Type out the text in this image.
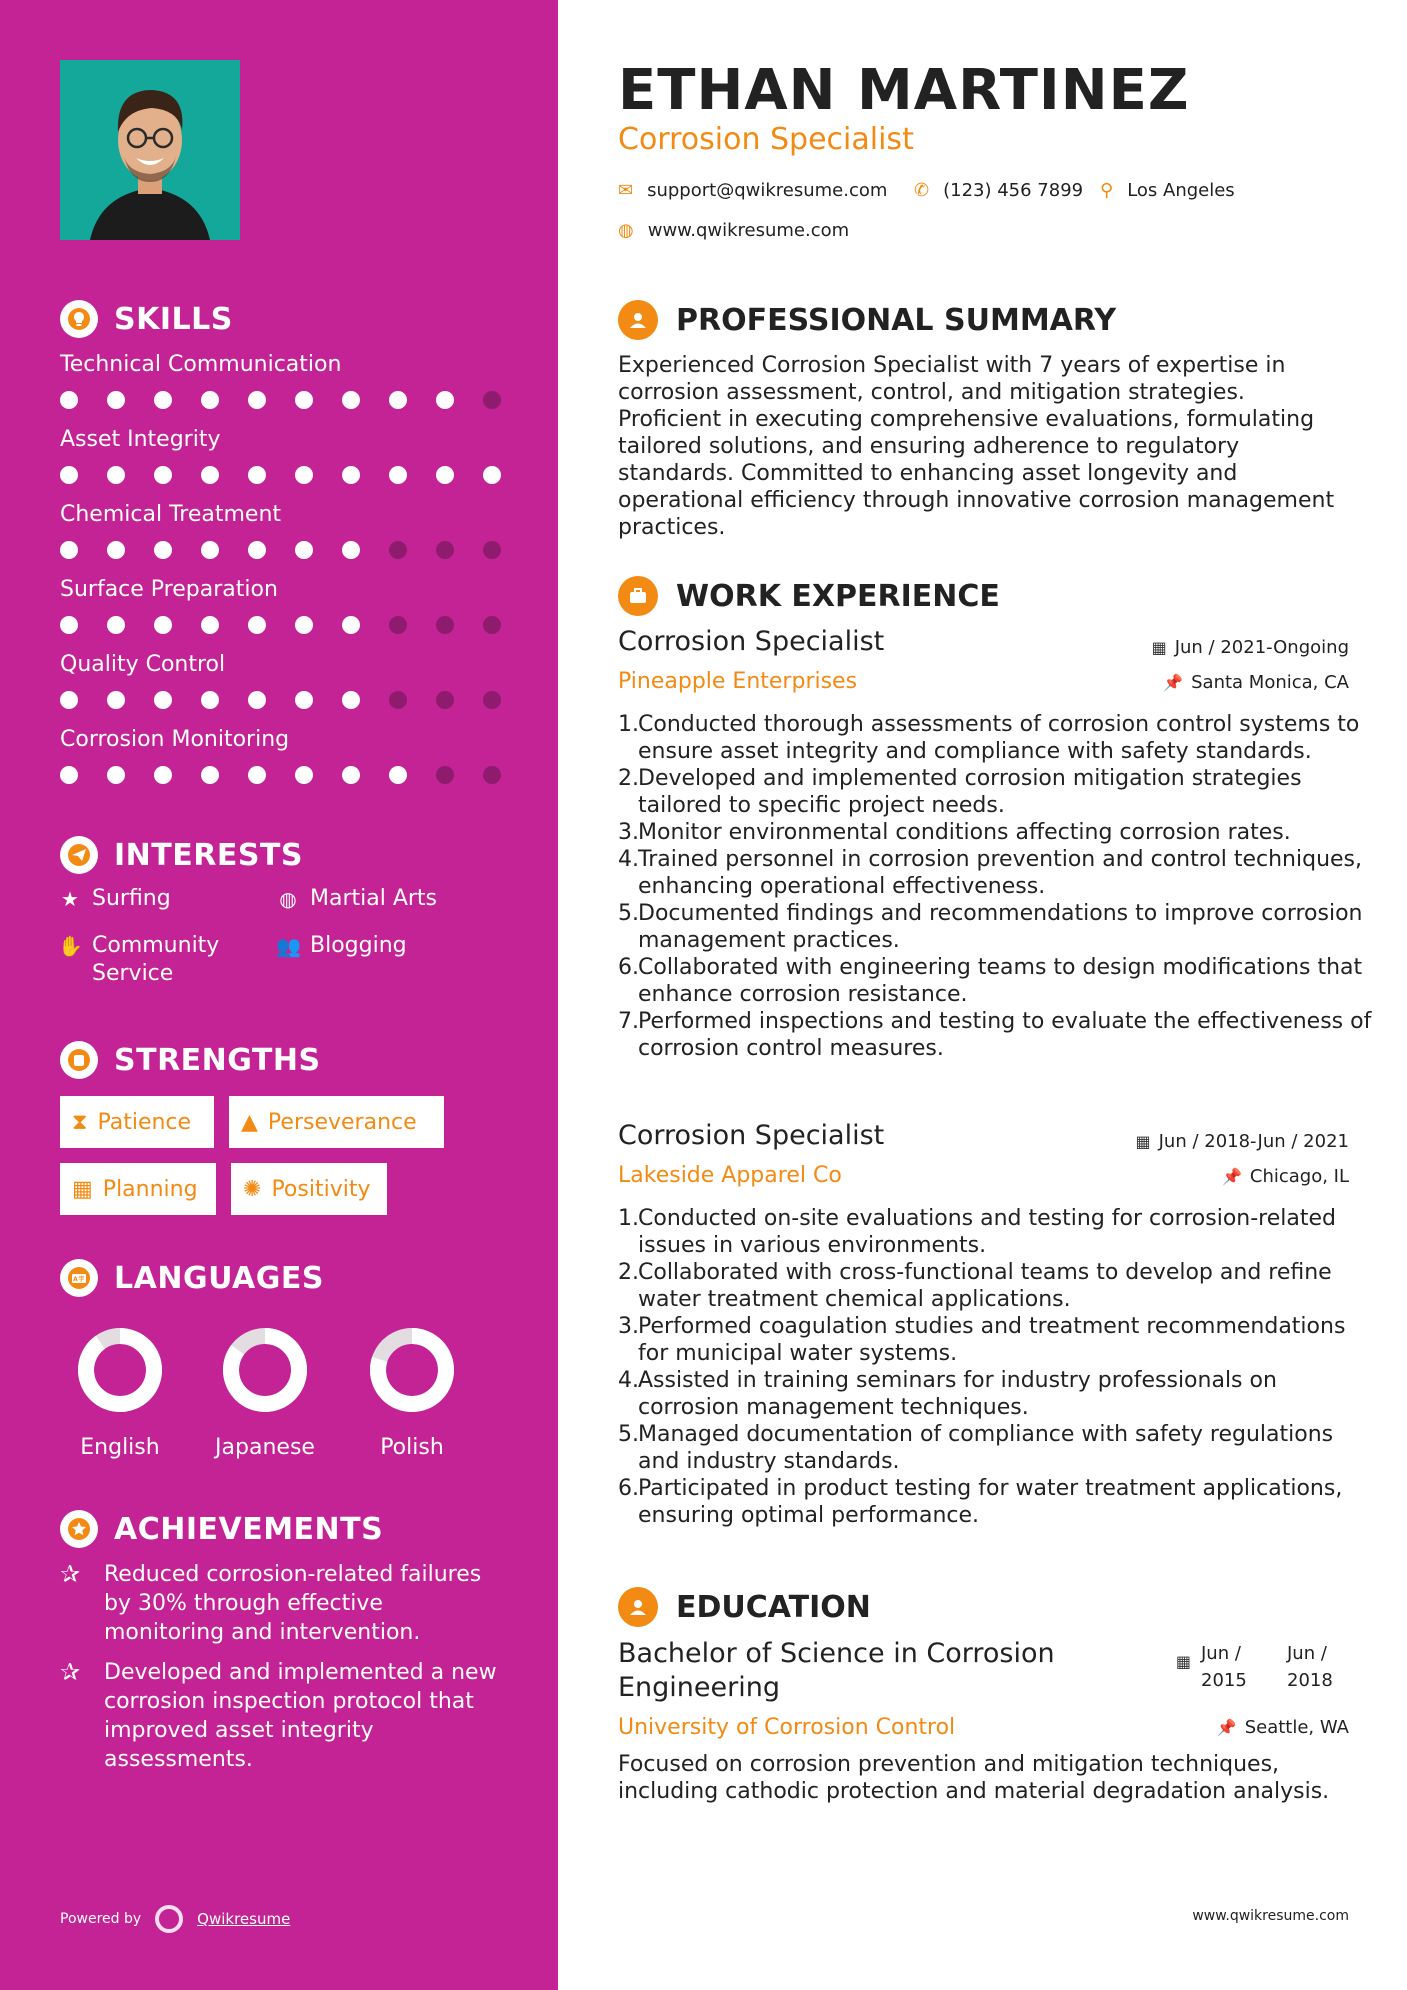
SKILLS
Technical Communication
Asset Integrity
Chemical Treatment
Surface Preparation
Quality Control
Corrosion Monitoring
INTERESTS
★ Surfing	◍ Martial Arts
✋ Community Service
👥 Blogging
STRENGTHS
⧗ Patience ▲ Perseverance
▦ Planning ✺ Positivity
A字 LANGUAGES
English	Japanese	Polish
ACHIEVEMENTS
✰	Reduced corrosion-related failures by 30% through effective monitoring and intervention.
✰	Developed and implemented a new corrosion inspection protocol that improved asset integrity assessments.
Powered by	Qwikresume
ETHAN MARTINEZ
Corrosion Specialist
✉ support@qwikresume.com ✆ (123) 456 7899 ⚲ Los Angeles
◍ www.qwikresume.com
PROFESSIONAL SUMMARY
Experienced Corrosion Specialist with 7 years of expertise in corrosion assessment, control, and mitigation strategies. Proficient in executing comprehensive evaluations, formulating tailored solutions, and ensuring adherence to regulatory standards. Committed to enhancing asset longevity and operational efficiency through innovative corrosion management practices.
WORK EXPERIENCE
Corrosion Specialist	▦ Jun / 2021-Ongoing
Pineapple Enterprises	📌 Santa Monica, CA
1. Conducted thorough assessments of corrosion control systems to ensure asset integrity and compliance with safety standards.
2. Developed and implemented corrosion mitigation strategies tailored to specific project needs.
3. Monitor environmental conditions affecting corrosion rates.
4. Trained personnel in corrosion prevention and control techniques, enhancing operational effectiveness.
5. Documented findings and recommendations to improve corrosion management practices.
6. Collaborated with engineering teams to design modifications that enhance corrosion resistance.
7. Performed inspections and testing to evaluate the effectiveness of corrosion control measures.
Corrosion Specialist	▦ Jun / 2018-Jun / 2021
Lakeside Apparel Co	📌 Chicago, IL
1. Conducted on-site evaluations and testing for corrosion-related issues in various environments.
2. Collaborated with cross-functional teams to develop and refine water treatment chemical applications.
3. Performed coagulation studies and treatment recommendations for municipal water systems.
4. Assisted in training seminars for industry professionals on corrosion management techniques.
5. Managed documentation of compliance with safety regulations and industry standards.
6. Participated in product testing for water treatment applications, ensuring optimal performance.
EDUCATION
Bachelor of Science in Corrosion Engineering
▦ Jun / 2015
Jun / 2018
University of Corrosion Control	📌 Seattle, WA
Focused on corrosion prevention and mitigation techniques, including cathodic protection and material degradation analysis.
www.qwikresume.com
